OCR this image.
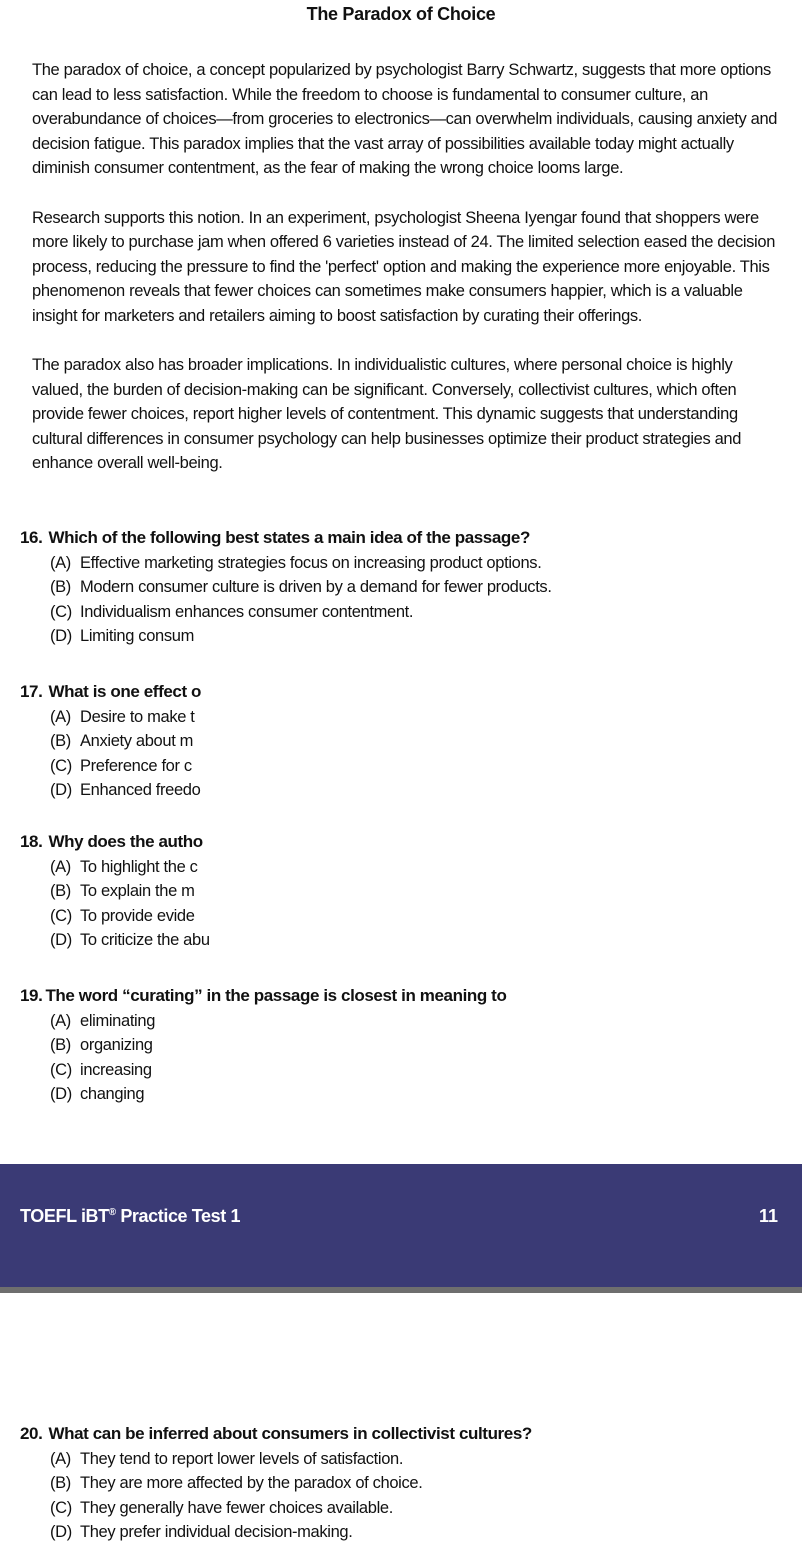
The Paradox of Choice

The paradox of choice, a concept popularized by psychologist Barry Schwartz, suggests that more options can lead to less satisfaction. While the freedom to choose is fundamental to consumer culture, an overabundance of choices—from groceries to electronics—can overwhelm individuals, causing anxiety and decision fatigue. This paradox implies that the vast array of possibilities available today might actually diminish consumer contentment, as the fear of making the wrong choice looms large.

Research supports this notion. In an experiment, psychologist Sheena Iyengar found that shoppers were more likely to purchase jam when offered 6 varieties instead of 24. The limited selection eased the decision process, reducing the pressure to find the 'perfect' option and making the experience more enjoyable. This phenomenon reveals that fewer choices can sometimes make consumers happier, which is a valuable insight for marketers and retailers aiming to boost satisfaction by curating their offerings.

The paradox also has broader implications. In individualistic cultures, where personal choice is highly valued, the burden of decision-making can be significant. Conversely, collectivist cultures, which often provide fewer choices, report higher levels of contentment. This dynamic suggests that understanding cultural differences in consumer psychology can help businesses optimize their product strategies and enhance overall well-being.

16. Which of the following best states a main idea of the passage?
(A) Effective marketing strategies focus on increasing product options.
(B) Modern consumer culture is driven by a demand for fewer products.
(C) Individualism enhances consumer contentment.
(D) Limiting consum
17. What is one effect o
(A) Desire to make t
(B) Anxiety about m
(C) Preference for c
(D) Enhanced freedo
18. Why does the autho
(A) To highlight the c
(B) To explain the m
(C) To provide evide
(D) To criticize the abu
19. The word “curating” in the passage is closest in meaning to
(A) eliminating
(B) organizing
(C) increasing
(D) changing
TOEFL iBT® Practice Test 1	11
20. What can be inferred about consumers in collectivist cultures?
(A) They tend to report lower levels of satisfaction.
(B) They are more affected by the paradox of choice.
(C) They generally have fewer choices available.
(D) They prefer individual decision-making.
